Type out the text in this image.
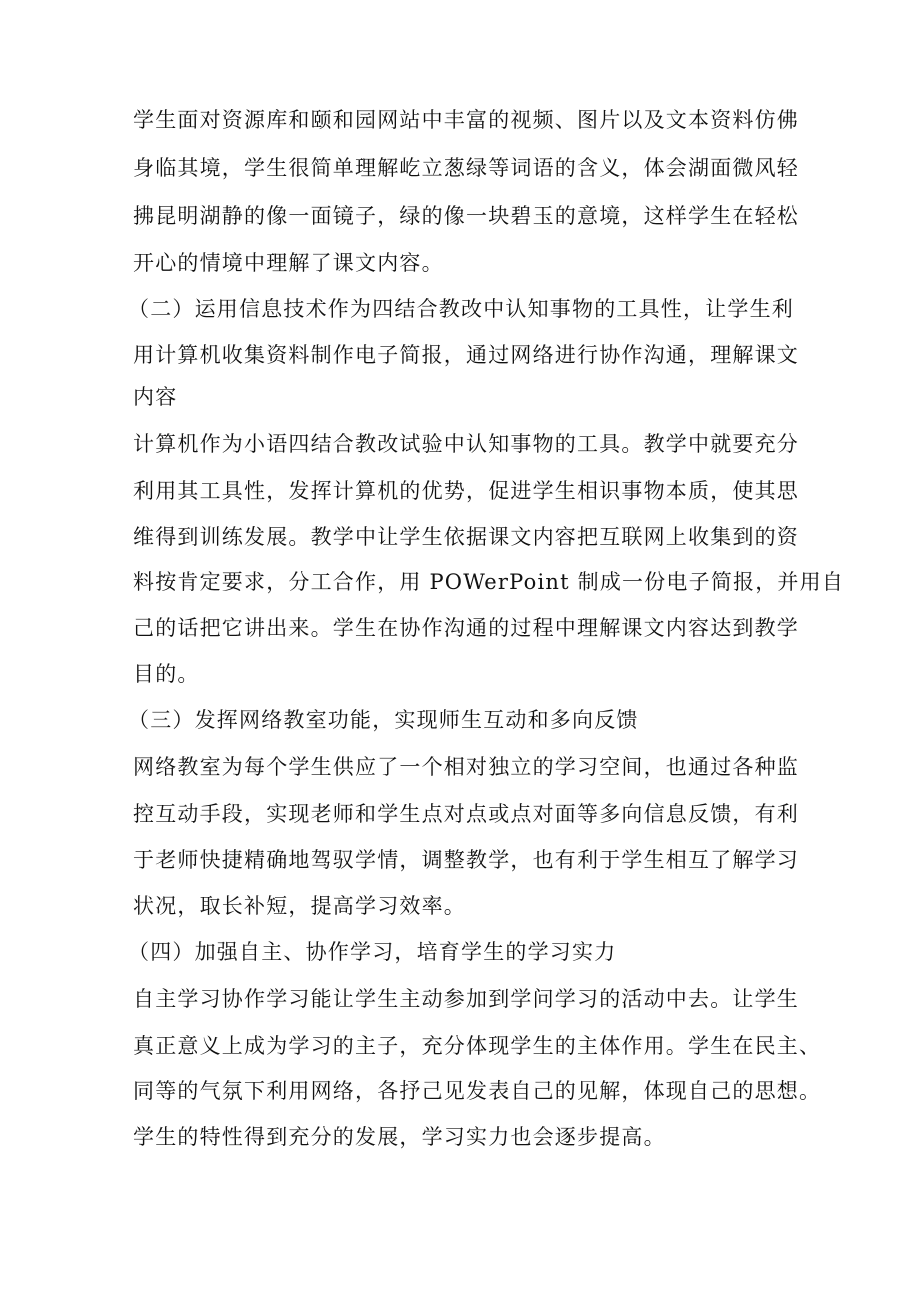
学生面对资源库和颐和园网站中丰富的视频、图片以及文本资料仿佛
身临其境，学生很简单理解屹立葱绿等词语的含义，体会湖面微风轻
拂昆明湖静的像一面镜子，绿的像一块碧玉的意境，这样学生在轻松
开心的情境中理解了课文内容。
（二）运用信息技术作为四结合教改中认知事物的工具性，让学生利
用计算机收集资料制作电子简报，通过网络进行协作沟通，理解课文
内容
计算机作为小语四结合教改试验中认知事物的工具。教学中就要充分
利用其工具性，发挥计算机的优势，促进学生相识事物本质，使其思
维得到训练发展。教学中让学生依据课文内容把互联网上收集到的资
料按肯定要求，分工合作，用 POWerPoint 制成一份电子简报，并用自
己的话把它讲出来。学生在协作沟通的过程中理解课文内容达到教学
目的。
（三）发挥网络教室功能，实现师生互动和多向反馈
网络教室为每个学生供应了一个相对独立的学习空间，也通过各种监
控互动手段，实现老师和学生点对点或点对面等多向信息反馈，有利
于老师快捷精确地驾驭学情，调整教学，也有利于学生相互了解学习
状况，取长补短，提高学习效率。
（四）加强自主、协作学习，培育学生的学习实力
自主学习协作学习能让学生主动参加到学问学习的活动中去。让学生
真正意义上成为学习的主子，充分体现学生的主体作用。学生在民主、
同等的气氛下利用网络，各抒己见发表自己的见解，体现自己的思想。
学生的特性得到充分的发展，学习实力也会逐步提高。
